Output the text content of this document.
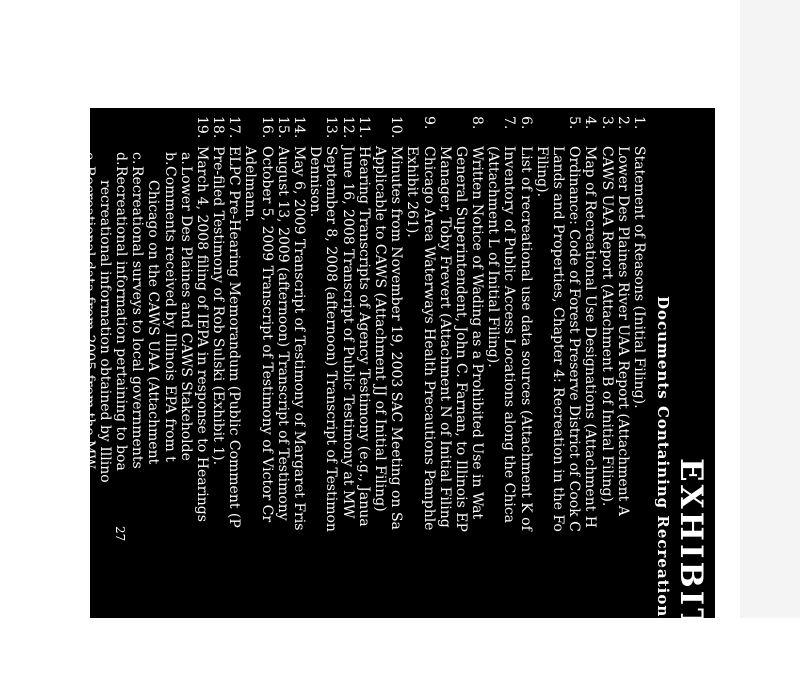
EXHIBIT A
Documents Containing Recreational
1.
Statement of Reasons (Initial Filing).
2.
Lower Des Plaines River UAA Report (Attachment A
3.
CAWS UAA Report (Attachment B of Initial Filing).
4.
Map of Recreational Use Designations (Attachment H
5.
Ordinance: Code of Forest Preserve District of Cook C
Lands and Properties, Chapter 4: Recreation in the Fo
Filing).
6.
List of recreational use data sources (Attachment K of
7.
Inventory of Public Access Locations along the Chica
(Attachment L of Initial Filing).
8.
Written Notice of Wading as a Prohibited Use in Wat
General Superintendent, John C. Farnan, to Illinois EP
Manager, Toby Frevert (Attachment N of Initial Filing
9.
Chicago Area Waterways Health Precautions Pamphle
Exhibit 261).
10.
Minutes from November 19, 2003 SAC Meeting on Sa
Applicable to CAWS (Attachment JJ of Initial Filing)
11.
Hearing Transcripts of Agency Testimony (e.g., Janua
12.
June 16, 2008 Transcript of Public Testimony at MW
13.
September 8, 2008 (afternoon) Transcript of Testimon
Dennison.
14.
May 6, 2009 Transcript of Testimony of Margaret Fris
15.
August 13, 2009 (afternoon) Transcript of Testimony
16.
October 5, 2009 Transcript of Testimony of Victor Cr
Adelmann.
17.
ELPC Pre-Hearing Memorandum (Public Comment (P
18.
Pre-filed Testimony of Rob Sulski (Exhibit 1).
19.
March 4, 2008 filing of IEPA in response to Hearings
a.
Lower Des Plaines and CAWS Stakeholde
b.
Comments received by Illinois EPA from t
Chicago on the CAWS UAA (Attachment
c.
Recreational surveys to local governments
d.
Recreational information pertaining to boa
recreational information obtained by Illino
e.
Recreational data from 2005 from the MW
20.
Publication: HERALD-NEWS, Publication date: 8/1
(Exhibit 9).
27
